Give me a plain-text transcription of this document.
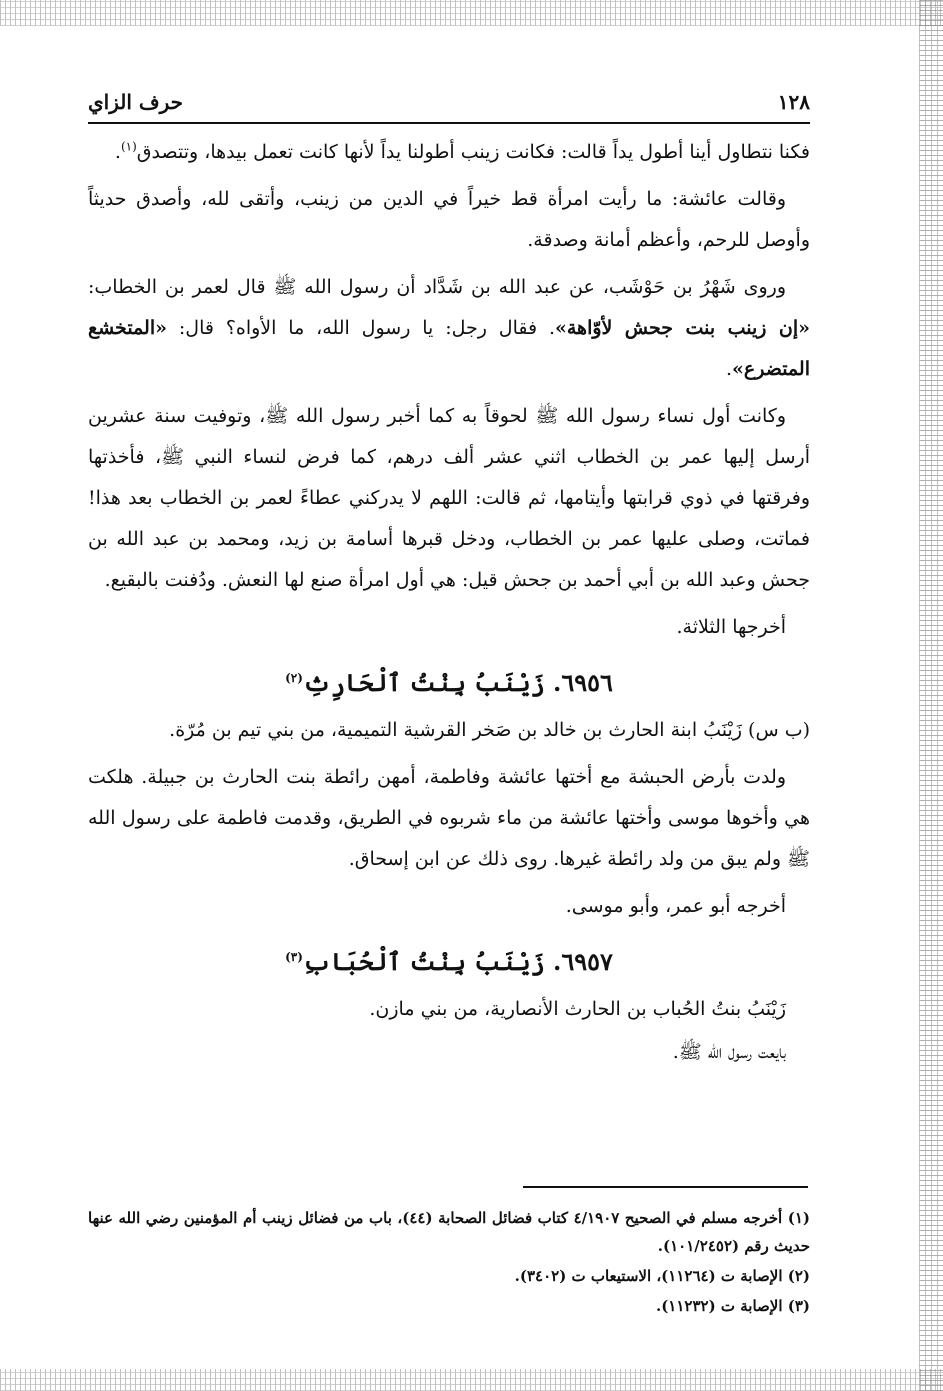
١٢٨
حرف الزاي

فكنا نتطاول أينا أطول يداً قالت: فكانت زينب أطولنا يداً لأنها كانت تعمل بيدها، وتتصدق$^{(١)}$.

وقالت عائشة: ما رأيت امرأة قط خيراً في الدين من زينب، وأتقى لله، وأصدق حديثاً وأوصل للرحم، وأعظم أمانة وصدقة.

وروى شَهْرُ بن حَوْشَب، عن عبد الله بن شَدَّاد أن رسول الله ﷺ قال لعمر بن الخطاب: «إن زينب بنت جحش لأوّاهة». فقال رجل: يا رسول الله، ما الأواه؟ قال: «المتخشع المتضرع».

وكانت أول نساء رسول الله ﷺ لحوقاً به كما أخبر رسول الله ﷺ، وتوفيت سنة عشرين أرسل إليها عمر بن الخطاب اثني عشر ألف درهم، كما فرض لنساء النبي ﷺ، فأخذتها وفرقتها في ذوي قرابتها وأيتامها، ثم قالت: اللهم لا يدركني عطاءً لعمر بن الخطاب بعد هذا! فماتت، وصلى عليها عمر بن الخطاب، ودخل قبرها أسامة بن زيد، ومحمد بن عبد الله بن جحش وعبد الله بن أبي أحمد بن جحش قيل: هي أول امرأة صنع لها النعش. ودُفنت بالبقيع.

أخرجها الثلاثة.

٦٩٥٦. زَيْنَبُ بِنْتُ ٱلْحَارِثِ$^{(٢)}$

(ب س) زَيْنَبُ ابنة الحارث بن خالد بن صَخر القرشية التميمية، من بني تيم بن مُرّة.

ولدت بأرض الحبشة مع أختها عائشة وفاطمة، أمهن رائطة بنت الحارث بن جبيلة. هلكت هي وأخوها موسى وأختها عائشة من ماء شربوه في الطريق، وقدمت فاطمة على رسول الله ﷺ ولم يبق من ولد رائطة غيرها. روى ذلك عن ابن إسحاق.

أخرجه أبو عمر، وأبو موسى.

٦٩٥٧. زَيْنَبُ بِنْتُ ٱلْحُبَابِ$^{(٣)}$

زَيْنَبُ بنتُ الحُباب بن الحارث الأنصارية، من بني مازن.

بايعت رسول الله ﷺ.

(١) أخرجه مسلم في الصحيح ٤/١٩٠٧ كتاب فضائل الصحابة (٤٤)، باب من فضائل زينب أم المؤمنين رضي الله عنها حديث رقم (١٠١/٢٤٥٢).

(٢) الإصابة ت (١١٢٦٤)، الاستيعاب ت (٣٤٠٢).

(٣) الإصابة ت (١١٢٣٢).
